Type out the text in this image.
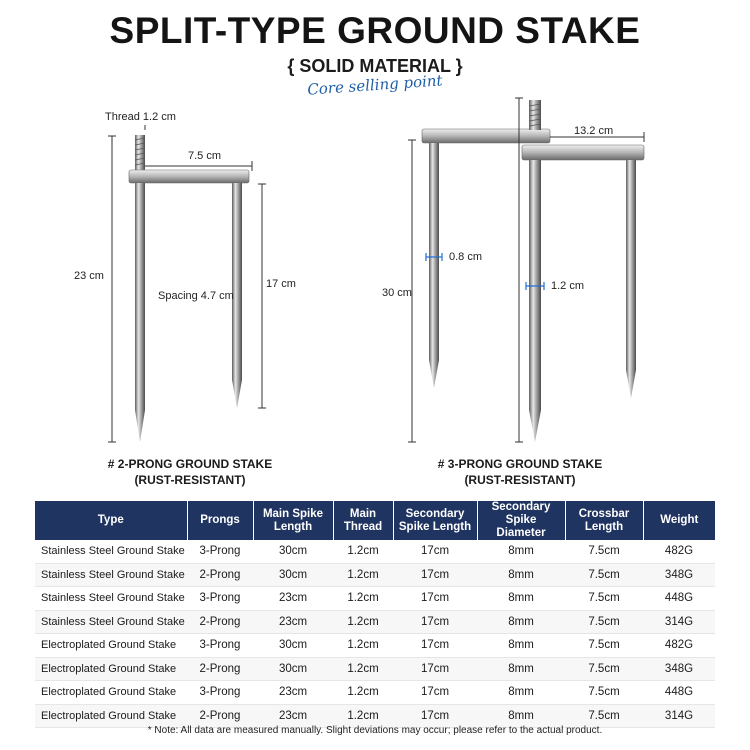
SPLIT-TYPE GROUND STAKE
{ SOLID MATERIAL }
Core selling point
Thread 1.2 cm
7.5 cm
23 cm
17 cm
Spacing 4.7 cm
13.2 cm
30 cm
0.8 cm
1.2 cm
# 2-PRONG GROUND STAKE
(RUST-RESISTANT)
# 3-PRONG GROUND STAKE
(RUST-RESISTANT)
Type	Prongs	Main Spike Length	Main Thread	Secondary Spike Length	Secondary Spike Diameter	Crossbar Length	Weight
Stainless Steel Ground Stake	3-Prong	30cm	1.2cm	17cm	8mm	7.5cm	482G
Stainless Steel Ground Stake	2-Prong	30cm	1.2cm	17cm	8mm	7.5cm	348G
Stainless Steel Ground Stake	3-Prong	23cm	1.2cm	17cm	8mm	7.5cm	448G
Stainless Steel Ground Stake	2-Prong	23cm	1.2cm	17cm	8mm	7.5cm	314G
Electroplated Ground Stake	3-Prong	30cm	1.2cm	17cm	8mm	7.5cm	482G
Electroplated Ground Stake	2-Prong	30cm	1.2cm	17cm	8mm	7.5cm	348G
Electroplated Ground Stake	3-Prong	23cm	1.2cm	17cm	8mm	7.5cm	448G
Electroplated Ground Stake	2-Prong	23cm	1.2cm	17cm	8mm	7.5cm	314G
* Note: All data are measured manually. Slight deviations may occur; please refer to the actual product.
